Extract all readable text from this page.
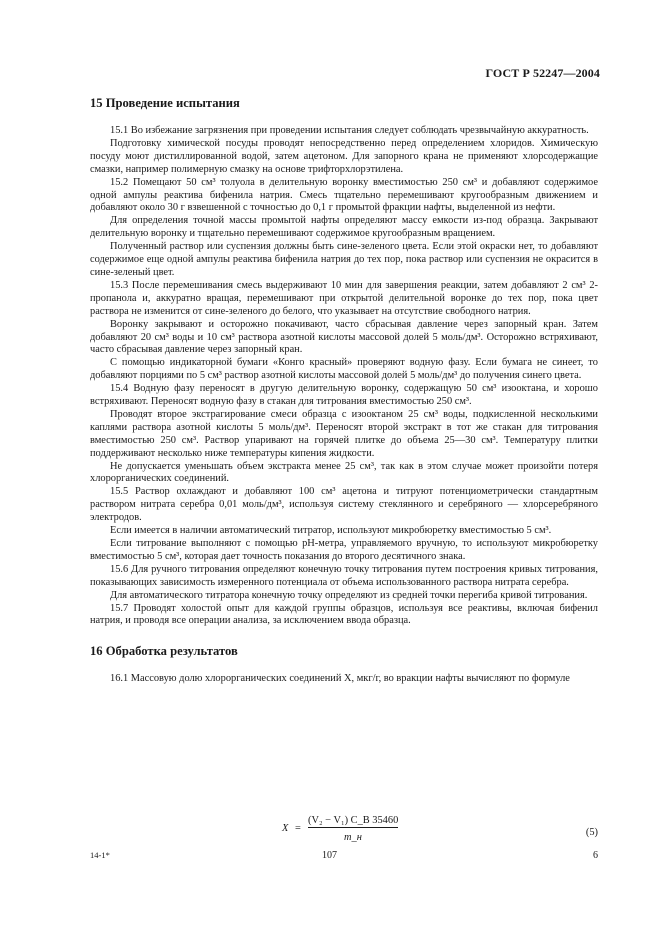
ГОСТ Р 52247—2004
15 Проведение испытания

15.1 Во избежание загрязнения при проведении испытания следует соблюдать чрезвычайную аккуратность.

Подготовку химической посуды проводят непосредственно перед определением хлоридов. Химическую посуду моют дистиллированной водой, затем ацетоном. Для запорного крана не применяют хлорсодержащие смазки, например полимерную смазку на основе трифторхлорэтилена.

15.2 Помещают 50 см³ толуола в делительную воронку вместимостью 250 см³ и добавляют содержимое одной ампулы реактива бифенила натрия. Смесь тщательно перемешивают кругообразным движением и добавляют около 30 г взвешенной с точностью до 0,1 г промытой фракции нафты, выделенной из нефти.

Для определения точной массы промытой нафты определяют массу емкости из-под образца. Закрывают делительную воронку и тщательно перемешивают содержимое кругообразным вращением.

Полученный раствор или суспензия должны быть сине-зеленого цвета. Если этой окраски нет, то добавляют содержимое еще одной ампулы реактива бифенила натрия до тех пор, пока раствор или суспензия не окрасится в сине-зеленый цвет.

15.3 После перемешивания смесь выдерживают 10 мин для завершения реакции, затем добавляют 2 см³ 2-пропанола и, аккуратно вращая, перемешивают при открытой делительной воронке до тех пор, пока цвет раствора не изменится от сине-зеленого до белого, что указывает на отсутствие свободного натрия.

Воронку закрывают и осторожно покачивают, часто сбрасывая давление через запорный кран. Затем добавляют 20 см³ воды и 10 см³ раствора азотной кислоты массовой долей 5 моль/дм³. Осторожно встряхивают, часто сбрасывая давление через запорный кран.

С помощью индикаторной бумаги «Конго красный» проверяют водную фазу. Если бумага не синеет, то добавляют порциями по 5 см³ раствор азотной кислоты массовой долей 5 моль/дм³ до получения синего цвета.

15.4 Водную фазу переносят в другую делительную воронку, содержащую 50 см³ изооктана, и хорошо встряхивают. Переносят водную фазу в стакан для титрования вместимостью 250 см³.

Проводят второе экстрагирование смеси образца с изооктаном 25 см³ воды, подкисленной несколькими каплями раствора азотной кислоты 5 моль/дм³. Переносят второй экстракт в тот же стакан для титрования вместимостью 250 см³. Раствор упаривают на горячей плитке до объема 25—30 см³. Температуру плитки поддерживают несколько ниже температуры кипения жидкости.

Не допускается уменьшать объем экстракта менее 25 см³, так как в этом случае может произойти потеря хлорорганических соединений.

15.5 Раствор охлаждают и добавляют 100 см³ ацетона и титруют потенциометрически стандартным раствором нитрата серебра 0,01 моль/дм³, используя систему стеклянного и серебряного — хлорсеребряного электродов.

Если имеется в наличии автоматический титратор, используют микробюретку вместимостью 5 см³.

Если титрование выполняют с помощью pH-метра, управляемого вручную, то используют микробюретку вместимостью 5 см³, которая дает точность показания до второго десятичного знака.

15.6 Для ручного титрования определяют конечную точку титрования путем построения кривых титрования, показывающих зависимость измеренного потенциала от объема использованного раствора нитрата серебра.

Для автоматического титратора конечную точку определяют из средней точки перегиба кривой титрования.

15.7 Проводят холостой опыт для каждой группы образцов, используя все реактивы, включая бифенил натрия, и проводя все операции анализа, за исключением ввода образца.

16 Обработка результатов

16.1 Массовую долю хлорорганических соединений X, мкг/г, во вракции нафты вычисляют по формуле

X =
(V₂ − V₁) C_B 35460
m_н	(5)
14-1*	107	6
